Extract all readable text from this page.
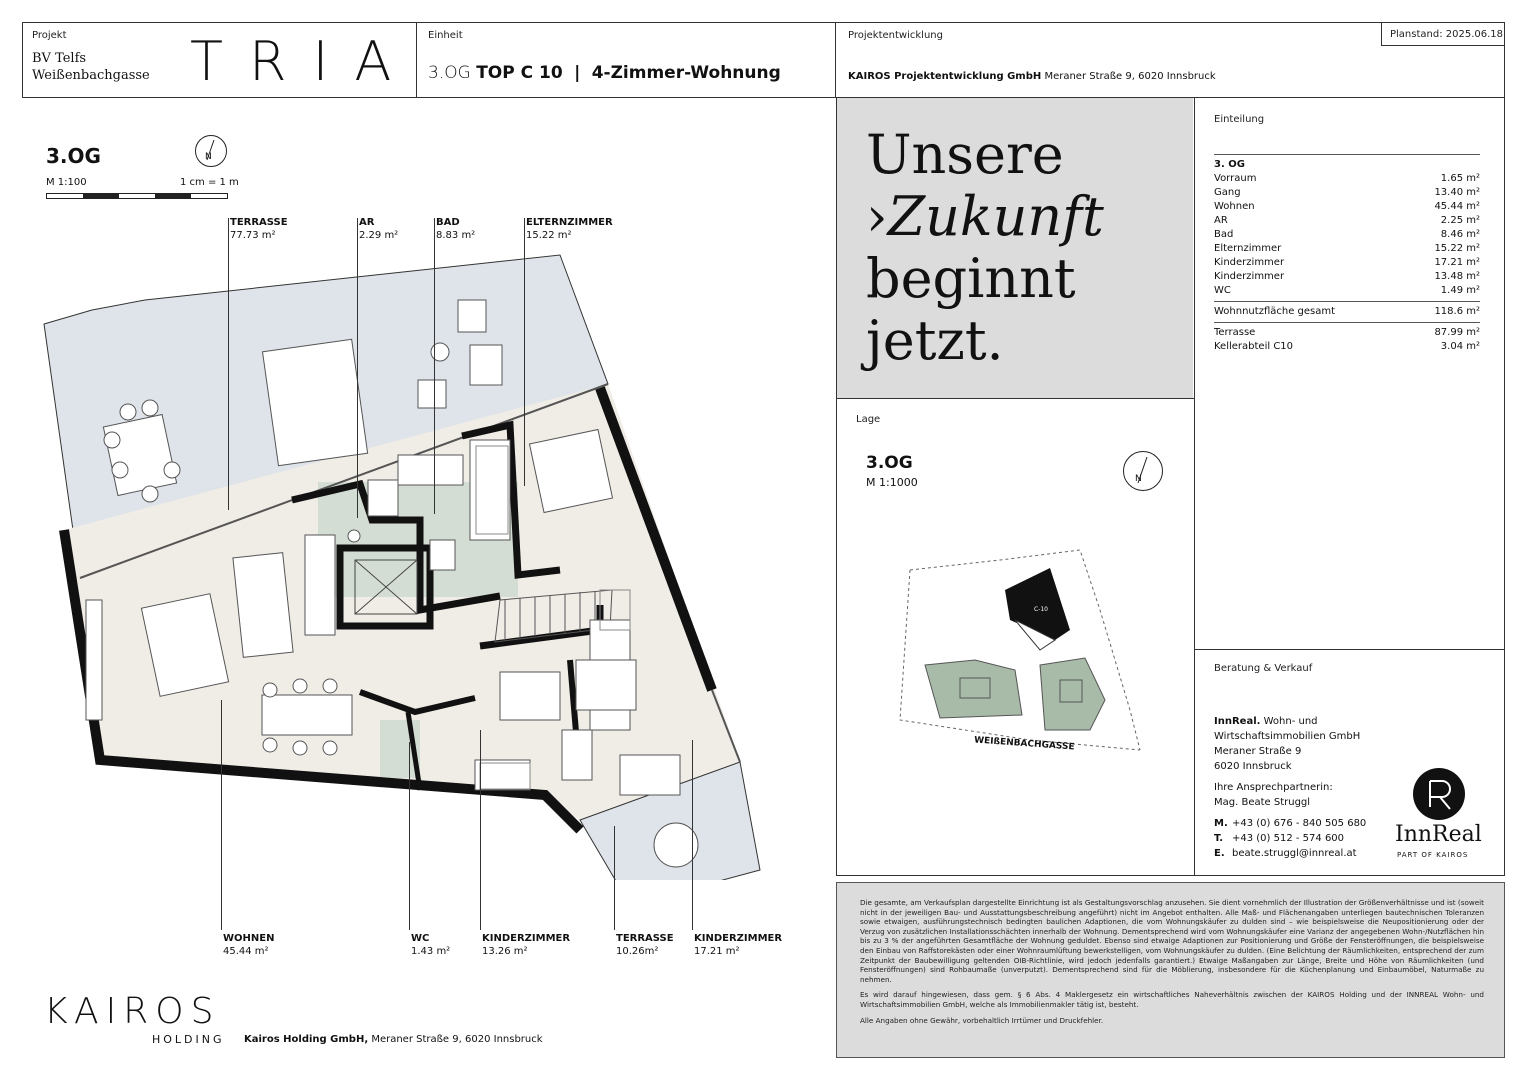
Projekt
BV Telfs
Weißenbachgasse TRIA Einheit
3.OG TOP C 10 | 4-Zimmer-Wohnung
Projektentwicklung
KAIROS Projektentwicklung GmbH Meraner Straße 9, 6020 Innsbruck
Planstand: 2025.06.18
3.OG
M 1:100	1 cm = 1 m
N
TERRASSE
77.73 m²
AR
2.29 m²
BAD
8.83 m²
ELTERNZIMMER
15.22 m²
WOHNEN
45.44 m²
WC
1.43 m²
KINDERZIMMER
13.26 m²
TERRASSE
10.26m²
KINDERZIMMER
17.21 m²
Unsere
›Zukunft
beginnt
jetzt.
Einteilung
3. OG
Vorraum	1.65 m²
Gang	13.40 m²
Wohnen	45.44 m²
AR	2.25 m²
Bad	8.46 m²
Elternzimmer	15.22 m²
Kinderzimmer	17.21 m²
Kinderzimmer	13.48 m²
WC	1.49 m²
Wohnnutzfläche gesamt	118.6 m²
Terrasse	87.99 m²
Kellerabteil C10	3.04 m²
Lage
3.OG
M 1:1000	N
C-10
WEIßENBACHGASSE
Beratung & Verkauf
InnReal. Wohn- und
Wirtschaftsimmobilien GmbH
Meraner Straße 9
6020 Innsbruck
Ihre Ansprechpartnerin:
Mag. Beate Struggl
M. +43 (0) 676 - 840 505 680
T. +43 (0) 512 - 574 600
E. beate.struggl@innreal.at
InnReal
PART OF KAIROS
Die gesamte, am Verkaufsplan dargestellte Einrichtung ist als Gestaltungsvorschlag anzusehen. Sie dient vornehmlich der Illustration der Größenverhältnisse und ist (soweit nicht in der jeweiligen Bau- und Ausstattungsbeschreibung angeführt) nicht im Angebot enthalten. Alle Maß- und Flächenangaben unterliegen bautechnischen Toleranzen sowie etwaigen, ausführungstechnisch bedingten baulichen Adaptionen, die vom Wohnungskäufer zu dulden sind – wie beispielsweise die Neupositionierung oder der Verzug von zusätzlichen Installationsschächten innerhalb der Wohnung. Dementsprechend wird vom Wohnungskäufer eine Varianz der angegebenen Wohn-/Nutzflächen hin bis zu 3 % der angeführten Gesamtfläche der Wohnung geduldet. Ebenso sind etwaige Adaptionen zur Positionierung und Größe der Fensteröffnungen, die beispielsweise den Einbau von Raffstorekästen oder einer Wohnraumlüftung bewerkstelligen, vom Wohnungskäufer zu dulden. (Eine Belichtung der Räumlichkeiten, entsprechend der zum Zeitpunkt der Baubewilligung geltenden OIB-Richtlinie, wird jedoch jedenfalls garantiert.) Etwaige Maßangaben zur Länge, Breite und Höhe von Räumlichkeiten (und Fensteröffnungen) sind Rohbaumaße (unverputzt). Dementsprechend sind für die Möblierung, insbesondere für die Küchenplanung und Einbaumöbel, Naturmaße zu nehmen.
Es wird darauf hingewiesen, dass gem. § 6 Abs. 4 Maklergesetz ein wirtschaftliches Naheverhältnis zwischen der KAIROS Holding und der INNREAL Wohn- und Wirtschaftsimmobilien GmbH, welche als Immobilienmakler tätig ist, besteht.
Alle Angaben ohne Gewähr, vorbehaltlich Irrtümer und Druckfehler.
KAIROS
HOLDING Kairos Holding GmbH, Meraner Straße 9, 6020 Innsbruck
